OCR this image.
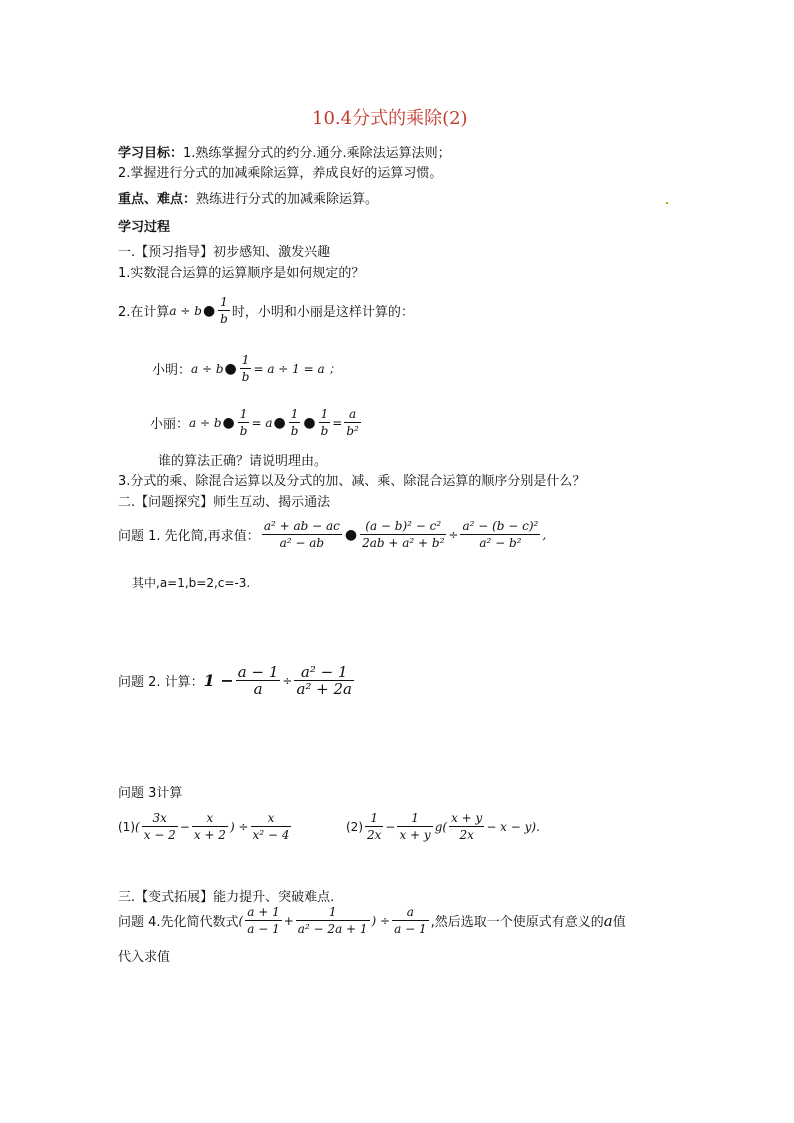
10.4分式的乘除(2)
学习目标：1.熟练掌握分式的约分.通分.乘除法运算法则；
2.掌握进行分式的加减乘除运算，养成良好的运算习惯。
重点、难点：熟练进行分式的加减乘除运算。
学习过程
一.【预习指导】初步感知、激发兴趣
1.实数混合运算的运算顺序是如何规定的？
2.在计算 a ÷ b ● $\frac{1}{b}$ 时，小明和小丽是这样计算的：
小明： a ÷ b ● $\frac{1}{b} = a \div 1 = a$ ；
小丽： a ÷ b ● $\frac{1}{b} = a$ ● $\frac{1}{b}$ ● $\frac{1}{b} = \frac{a}{\text{b²}}$
谁的算法正确？请说明理由。
3.分式的乘、除混合运算以及分式的加、减、乘、除混合运算的顺序分别是什么？
二.【问题探究】师生互动、揭示通法
问题 1. 先化简,再求值： $\frac{\text{a² + ab − ac}}{\text{a² − ab}}$ ● $\frac{\text{(a − b)² − c²}}{\text{2ab + a² + b²}} \div \frac{\text{a² − (b − c)²}}{\text{a² − b²}}$ ,
其中,a=1,b=2,c=-3.
问题 2. 计算： $1 - \frac{a - 1}{a} \div \frac{\text{a² − 1}}{\text{a² + 2a}}$
问题 3计算
(1) ( $\frac{3x}{x - 2} - \frac{x}{x + 2}$ ) ÷ $\frac{x}{\text{x² − 4}}$	$(2) \frac{1}{2x} - \frac{1}{x + y} g( \frac{x + y}{2x} - x - y)$.
三.【变式拓展】能力提升、突破难点.
问题 4.先化简代数式 ( $\frac{a + 1}{a - 1} + \frac{1}{\text{a² − 2a + 1}}$ ) ÷ $\frac{a}{a - 1}$ ,然后选取一个使原式有意义的 a 值
代入求值
